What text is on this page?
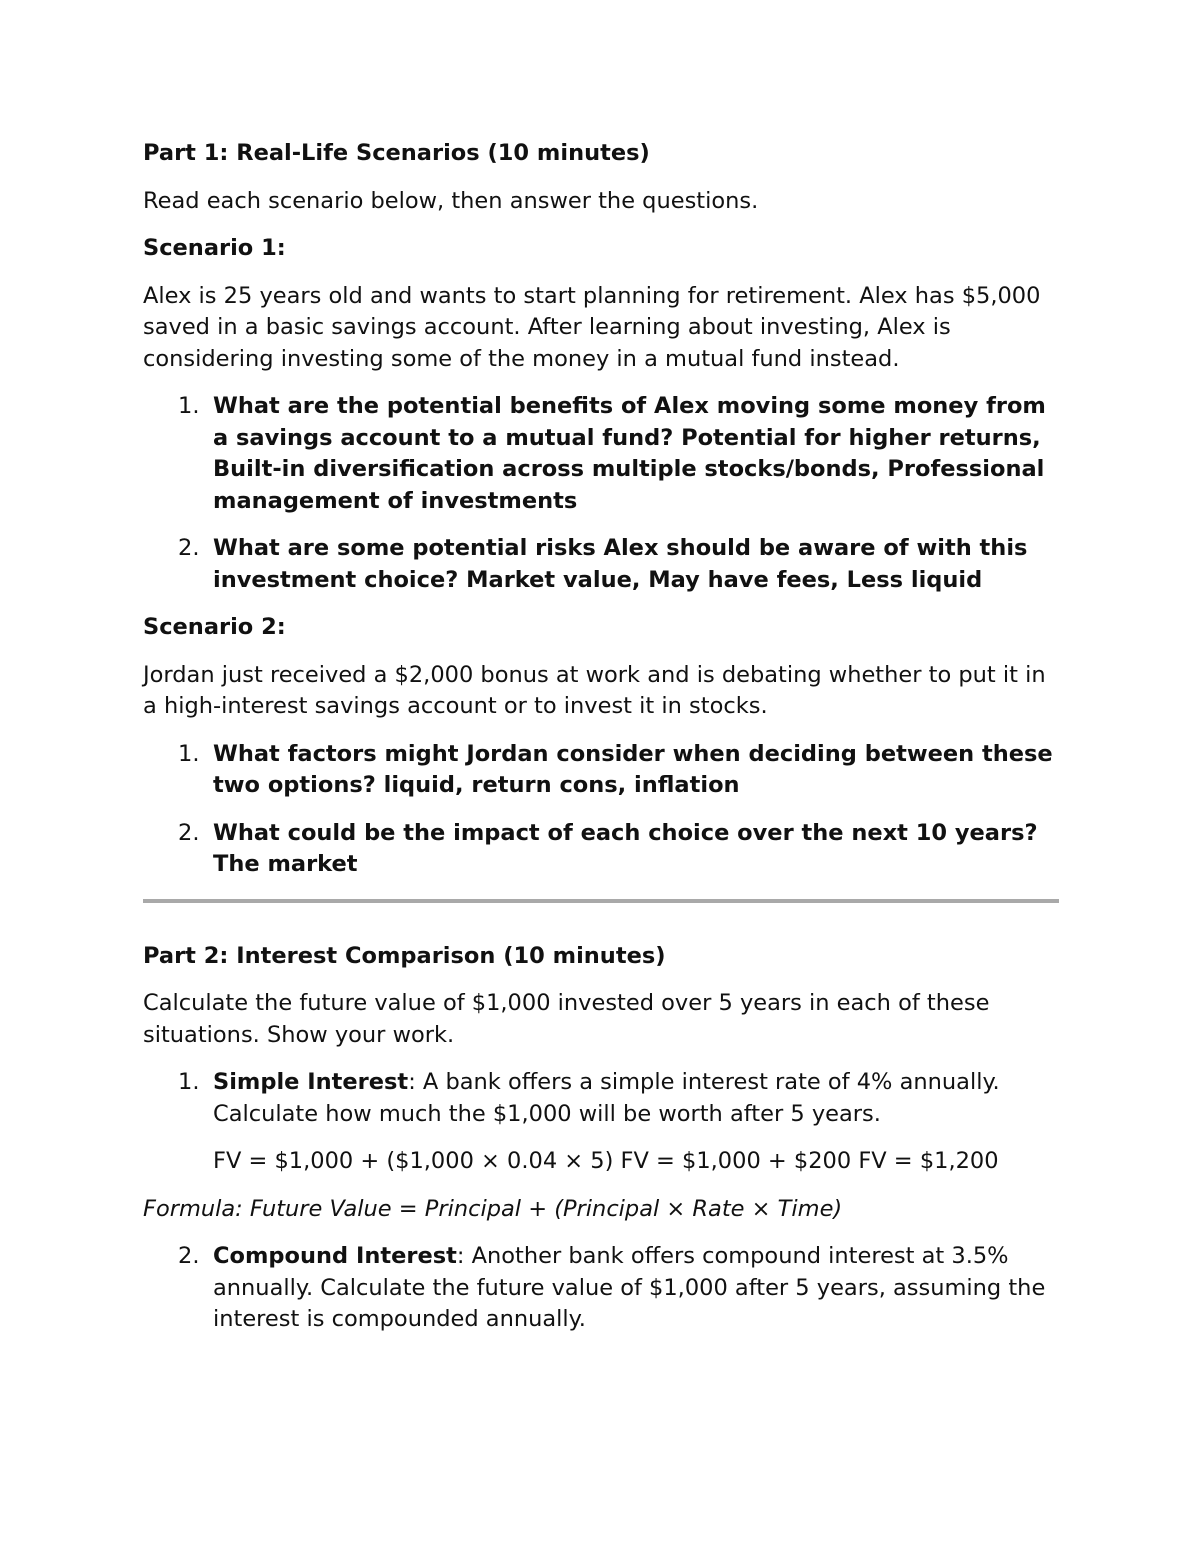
Part 1: Real-Life Scenarios (10 minutes)
Read each scenario below, then answer the questions.
Scenario 1:
Alex is 25 years old and wants to start planning for retirement. Alex has $5,000 saved in a basic savings account. After learning about investing, Alex is considering investing some of the money in a mutual fund instead.
1. What are the potential benefits of Alex moving some money from a savings account to a mutual fund? Potential for higher returns, Built-in diversification across multiple stocks/bonds, Professional management of investments
2. What are some potential risks Alex should be aware of with this investment choice? Market value, May have fees, Less liquid
Scenario 2:
Jordan just received a $2,000 bonus at work and is debating whether to put it in a high-interest savings account or to invest it in stocks.
1. What factors might Jordan consider when deciding between these two options? liquid, return cons, inflation
2. What could be the impact of each choice over the next 10 years? The market
Part 2: Interest Comparison (10 minutes)
Calculate the future value of $1,000 invested over 5 years in each of these situations. Show your work.
1. Simple Interest: A bank offers a simple interest rate of 4% annually. Calculate how much the $1,000 will be worth after 5 years.
FV = $1,000 + ($1,000 × 0.04 × 5) FV = $1,000 + $200 FV = $1,200
Formula: Future Value = Principal + (Principal × Rate × Time)
2. Compound Interest: Another bank offers compound interest at 3.5% annually. Calculate the future value of $1,000 after 5 years, assuming the interest is compounded annually.
